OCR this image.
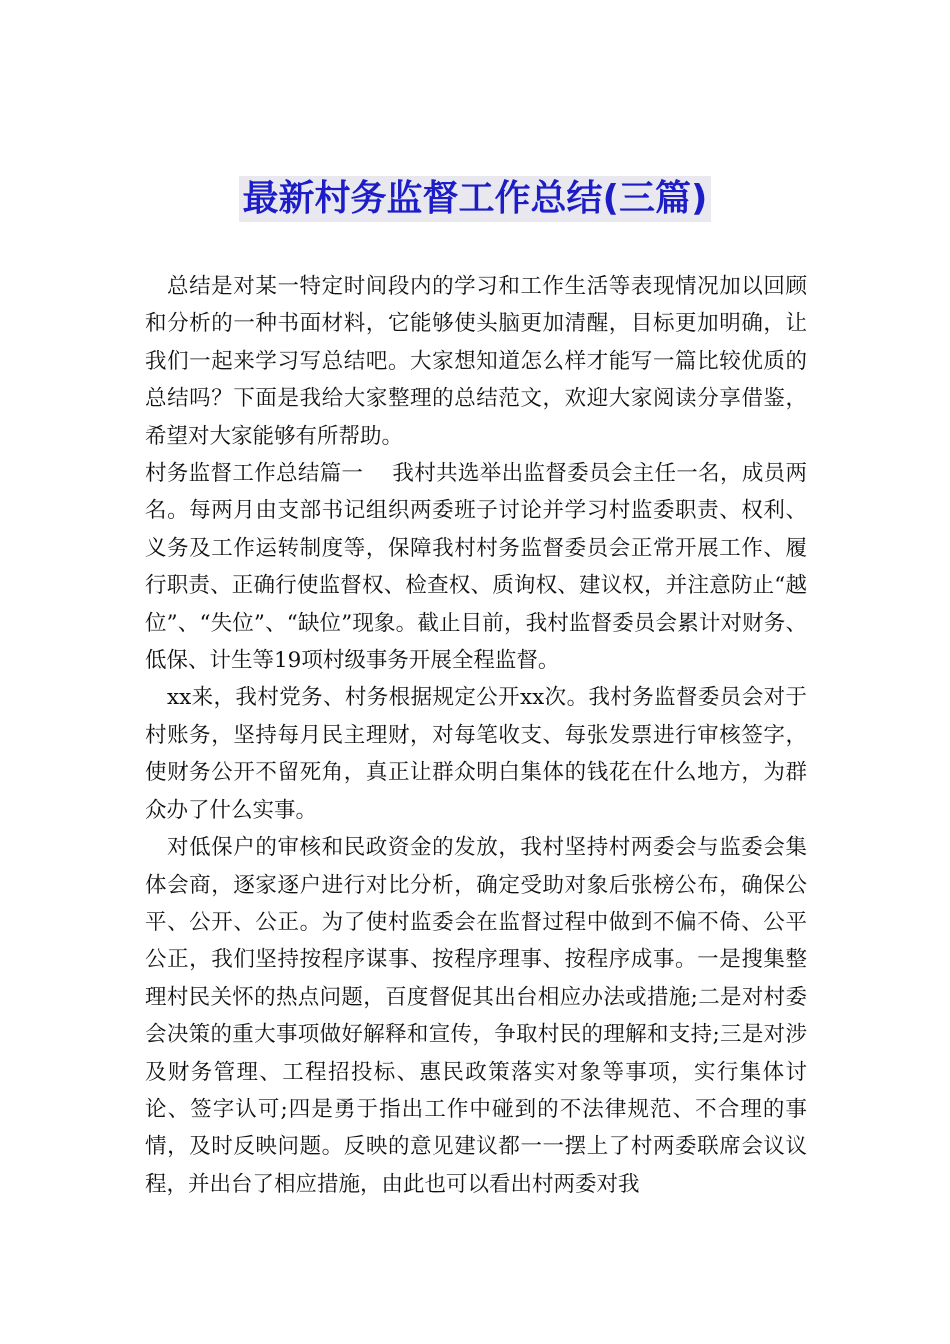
最新村务监督工作总结(三篇)

总结是对某一特定时间段内的学习和工作生活等表现情况加以回顾和分析的一种书面材料，它能够使头脑更加清醒，目标更加明确，让我们一起来学习写总结吧。大家想知道怎么样才能写一篇比较优质的总结吗？下面是我给大家整理的总结范文，欢迎大家阅读分享借鉴，希望对大家能够有所帮助。

村务监督工作总结篇一　 我村共选举出监督委员会主任一名，成员两名。每两月由支部书记组织两委班子讨论并学习村监委职责、权利、义务及工作运转制度等，保障我村村务监督委员会正常开展工作、履行职责、正确行使监督权、检查权、质询权、建议权，并注意防止“越位”、“失位”、“缺位”现象。截止目前，我村监督委员会累计对财务、低保、计生等19项村级事务开展全程监督。

xx来，我村党务、村务根据规定公开xx次。我村务监督委员会对于村账务，坚持每月民主理财，对每笔收支、每张发票进行审核签字，使财务公开不留死角，真正让群众明白集体的钱花在什么地方，为群众办了什么实事。

对低保户的审核和民政资金的发放，我村坚持村两委会与监委会集体会商，逐家逐户进行对比分析，确定受助对象后张榜公布，确保公平、公开、公正。为了使村监委会在监督过程中做到不偏不倚、公平公正，我们坚持按程序谋事、按程序理事、按程序成事。一是搜集整理村民关怀的热点问题，百度督促其出台相应办法或措施;二是对村委会决策的重大事项做好解释和宣传，争取村民的理解和支持;三是对涉及财务管理、工程招投标、惠民政策落实对象等事项，实行集体讨论、签字认可;四是勇于指出工作中碰到的不法律规范、不合理的事情，及时反映问题。反映的意见建议都一一摆上了村两委联席会议议程，并出台了相应措施，由此也可以看出村两委对我
